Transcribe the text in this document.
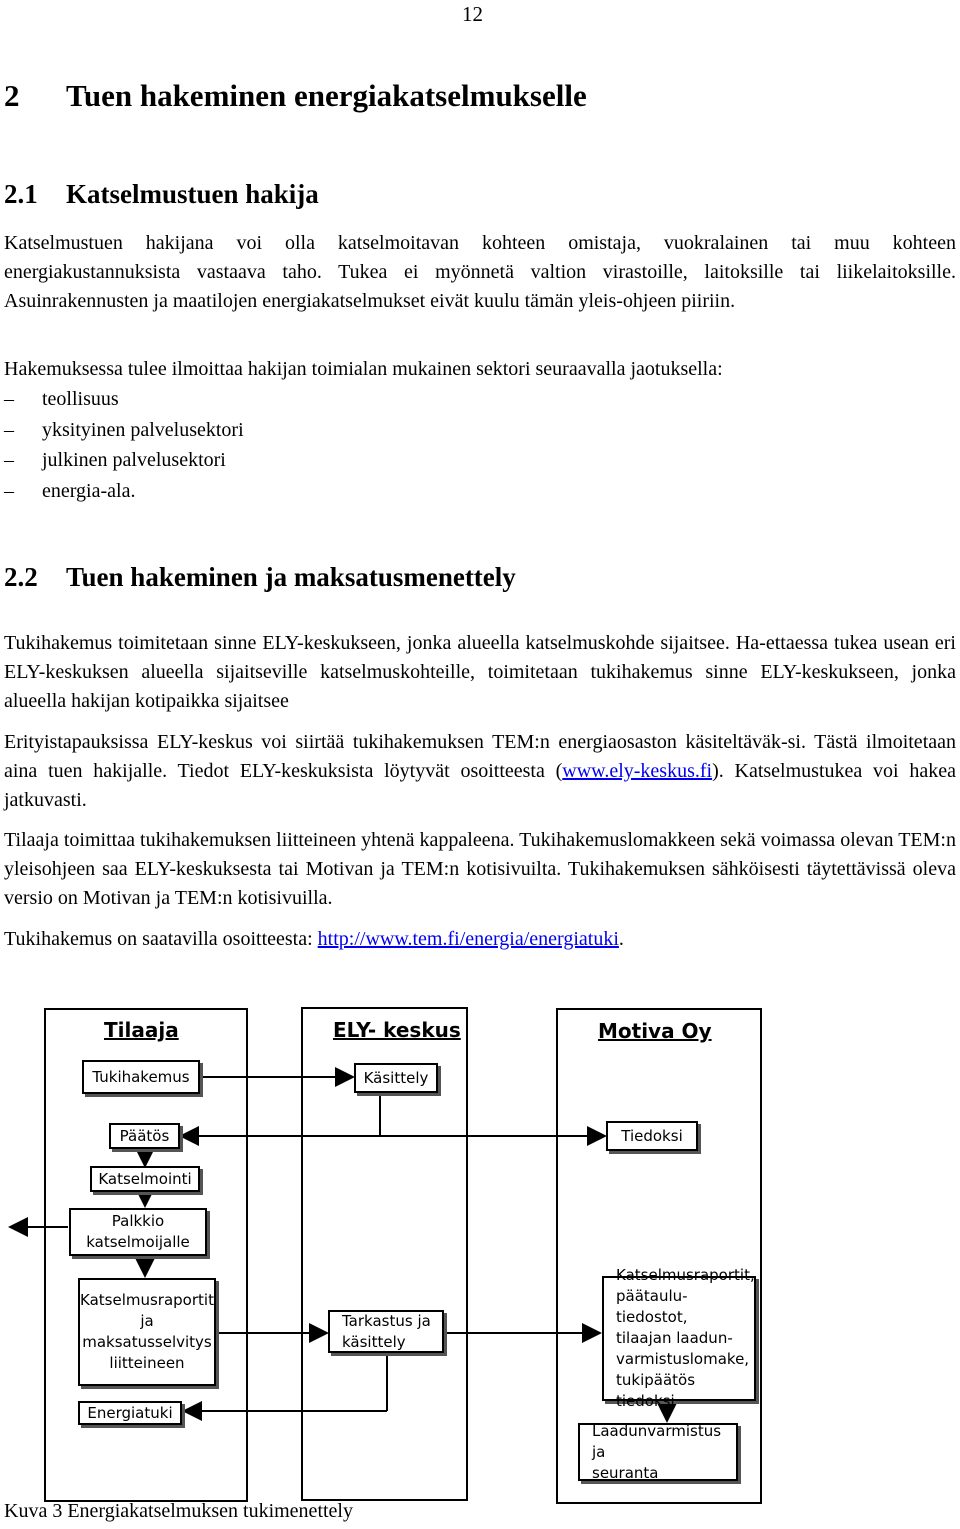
12
2 Tuen hakeminen energiakatselmukselle
2.1 Katselmustuen hakija

Katselmustuen hakijana voi olla katselmoitavan kohteen omistaja, vuokralainen tai muu kohteen energiakustannuksista vastaava taho. Tukea ei myönnetä valtion virastoille, laitoksille tai liikelaitoksille. Asuinrakennusten ja maatilojen energiakatselmukset eivät kuulu tämän yleis-ohjeen piiriin.

Hakemuksessa tulee ilmoittaa hakijan toimialan mukainen sektori seuraavalla jaotuksella:

–	teollisuus
–	yksityinen palvelusektori
–	julkinen palvelusektori
–	energia-ala.
2.2 Tuen hakeminen ja maksatusmenettely

Tukihakemus toimitetaan sinne ELY-keskukseen, jonka alueella katselmuskohde sijaitsee. Ha-ettaessa tukea usean eri ELY-keskuksen alueella sijaitseville katselmuskohteille, toimitetaan tukihakemus sinne ELY-keskukseen, jonka alueella hakijan kotipaikka sijaitsee

Erityistapauksissa ELY-keskus voi siirtää tukihakemuksen TEM:n energiaosaston käsiteltäväk-si. Tästä ilmoitetaan aina tuen hakijalle. Tiedot ELY-keskuksista löytyvät osoitteesta (www.ely-keskus.fi). Katselmustukea voi hakea jatkuvasti.

Tilaaja toimittaa tukihakemuksen liitteineen yhtenä kappaleena. Tukihakemuslomakkeen sekä voimassa olevan TEM:n yleisohjeen saa ELY-keskuksesta tai Motivan ja TEM:n kotisivuilta. Tukihakemuksen sähköisesti täytettävissä oleva versio on Motivan ja TEM:n kotisivuilla.

Tukihakemus on saatavilla osoitteesta: http://www.tem.fi/energia/energiatuki.

Tilaaja	ELY- keskus	Motiva Oy
Tukihakemus	Käsittely
Päätös	Tiedoksi
Katselmointi
Palkkio
katselmoijalle
Katselmusraportit
ja
maksatusselvitys
liitteineen
Tarkastus ja
käsittely
Katselmusraportit,
päätaulu-tiedostot,
tilaajan laadun-
varmistuslomake,
tukipäätös tiedoksi
Energiatuki
Laadunvarmistus ja
seuranta
Kuva 3 Energiakatselmuksen tukimenettely
